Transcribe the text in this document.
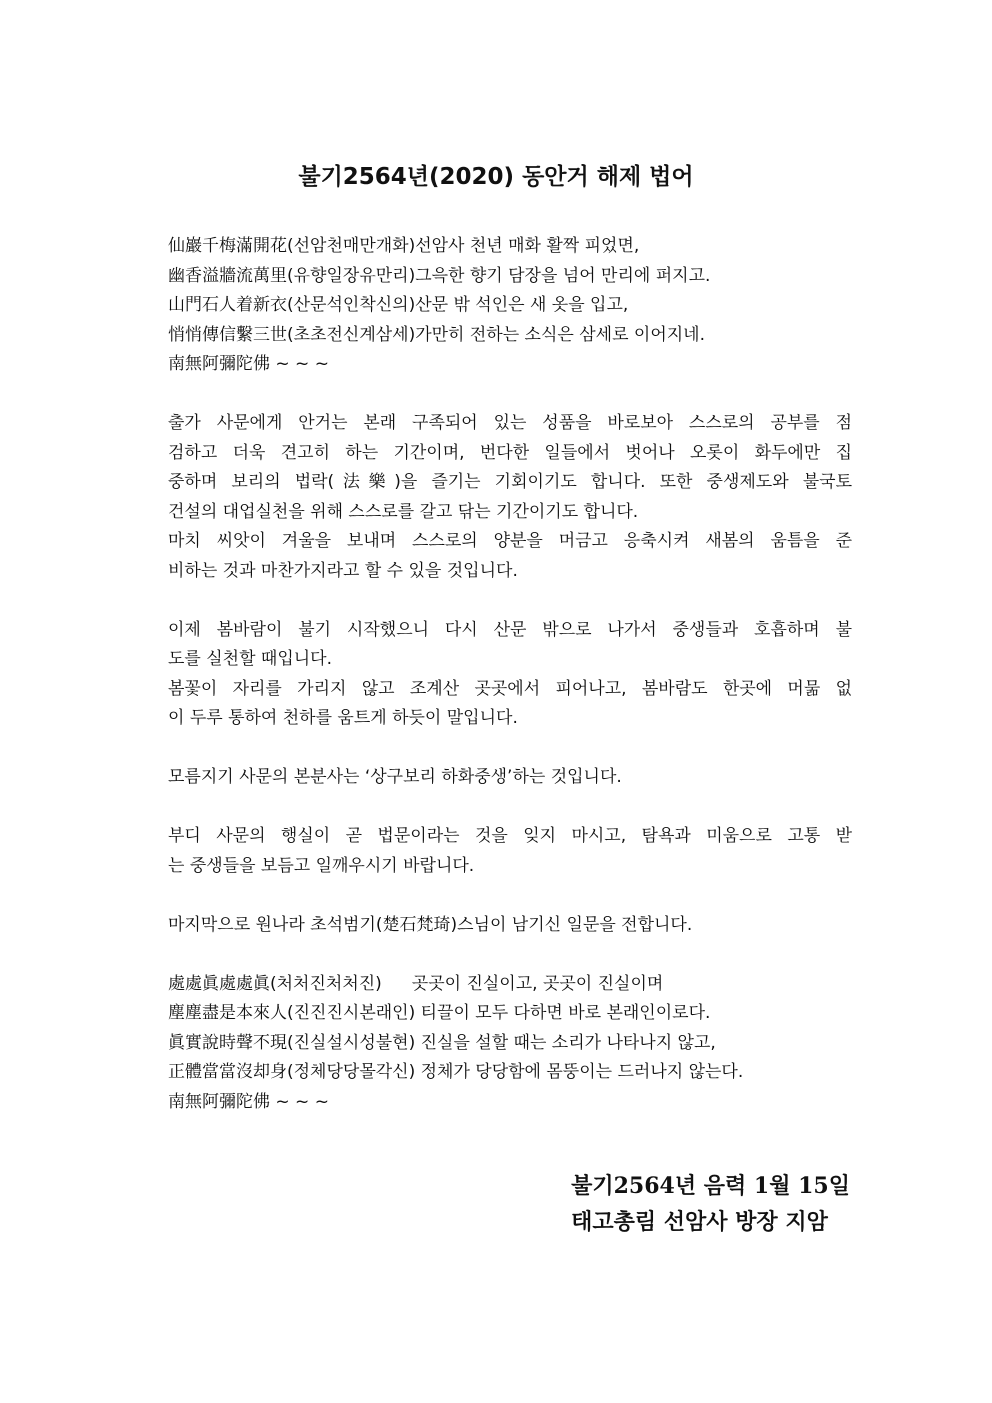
불기2564년(2020) 동안거 해제 법어
仙巖千梅滿開花(선암천매만개화)선암사 천년 매화 활짝 피었면,
幽香溢牆流萬里(유향일장유만리)그윽한 향기 담장을 넘어 만리에 퍼지고.
山門石人着新衣(산문석인착신의)산문 밖 석인은 새 옷을 입고,
悄悄傳信繫三世(초초전신계삼세)가만히 전하는 소식은 삼세로 이어지네.
南無阿彌陀佛 ~ ~ ~
출가 사문에게 안거는 본래 구족되어 있는 성품을 바로보아 스스로의 공부를 점
검하고 더욱 견고히 하는 기간이며, 번다한 일들에서 벗어나 오롯이 화두에만 집
중하며 보리의 법락(法樂)을 즐기는 기회이기도 합니다. 또한 중생제도와 불국토
건설의 대업실천을 위해 스스로를 갈고 닦는 기간이기도 합니다.
마치 씨앗이 겨울을 보내며 스스로의 양분을 머금고 응축시켜 새봄의 움틈을 준
비하는 것과 마찬가지라고 할 수 있을 것입니다.
이제 봄바람이 불기 시작했으니 다시 산문 밖으로 나가서 중생들과 호흡하며 불
도를 실천할 때입니다.
봄꽃이 자리를 가리지 않고 조계산 곳곳에서 피어나고, 봄바람도 한곳에 머묾 없
이 두루 통하여 천하를 움트게 하듯이 말입니다.
모름지기 사문의 본분사는 ‘상구보리 하화중생’하는 것입니다.
부디 사문의 행실이 곧 법문이라는 것을 잊지 마시고, 탐욕과 미움으로 고통 받
는 중생들을 보듬고 일깨우시기 바랍니다.
마지막으로 원나라 초석범기(楚石梵琦)스님이 남기신 일문을 전합니다.
處處眞處處眞(처처진처처진) 곳곳이 진실이고, 곳곳이 진실이며
塵塵盡是本來人(진진진시본래인) 티끌이 모두 다하면 바로 본래인이로다.
眞實說時聲不現(진실설시성불현) 진실을 설할 때는 소리가 나타나지 않고,
正體當當沒却身(정체당당몰각신) 정체가 당당함에 몸뚱이는 드러나지 않는다.
南無阿彌陀佛 ~ ~ ~
불기2564년 음력 1월 15일
태고총림 선암사 방장 지암
